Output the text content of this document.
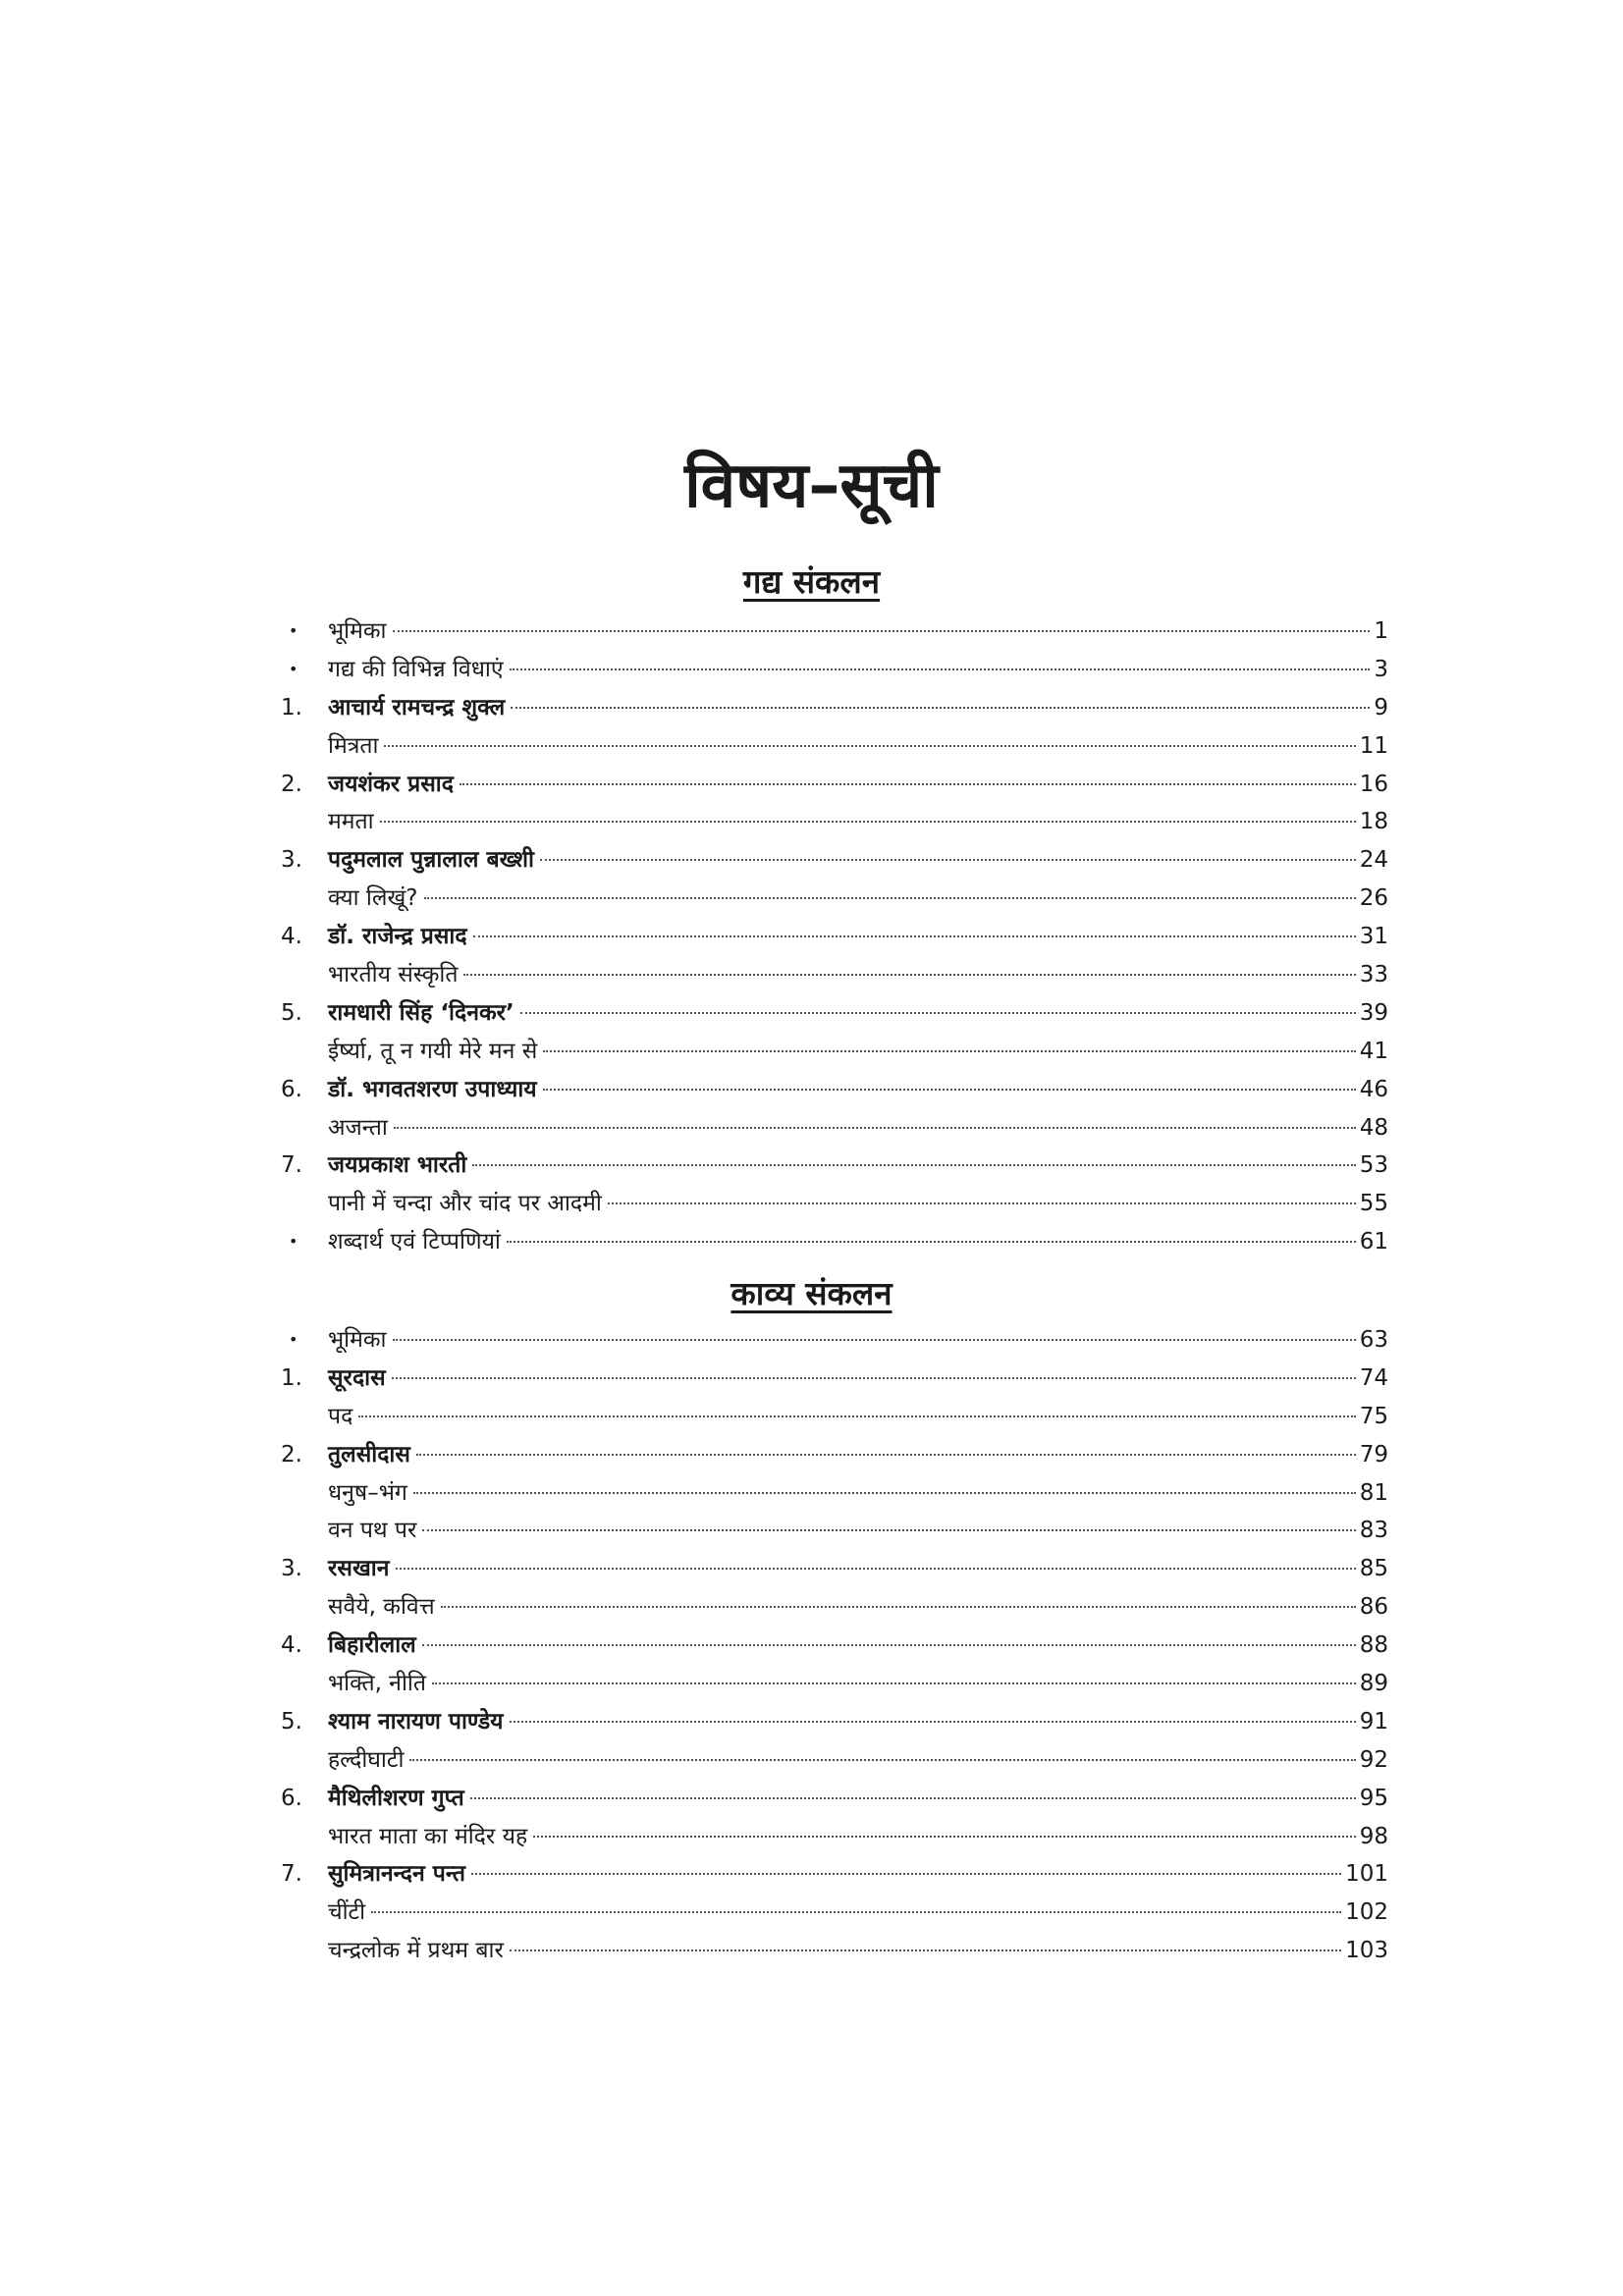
विषय–सूची
गद्य संकलन
•	भूमिका	1
•	गद्य की विभिन्न विधाएं	3
1.	आचार्य रामचन्द्र शुक्ल	9
मित्रता	11
2.	जयशंकर प्रसाद	16
ममता	18
3.	पदुमलाल पुन्नालाल बख्शी	24
क्या लिखूं?	26
4.	डॉ. राजेन्द्र प्रसाद	31
भारतीय संस्कृति	33
5.	रामधारी सिंह ‘दिनकर’	39
ईर्ष्या, तू न गयी मेरे मन से	41
6.	डॉ. भगवतशरण उपाध्याय	46
अजन्ता	48
7.	जयप्रकाश भारती	53
पानी में चन्दा और चांद पर आदमी	55
•	शब्दार्थ एवं टिप्पणियां	61
काव्य संकलन
•	भूमिका	63
1.	सूरदास	74
पद	75
2.	तुलसीदास	79
धनुष–भंग	81
वन पथ पर	83
3.	रसखान	85
सवैये, कवित्त	86
4.	बिहारीलाल	88
भक्ति, नीति	89
5.	श्याम नारायण पाण्डेय	91
हल्दीघाटी	92
6.	मैथिलीशरण गुप्त	95
भारत माता का मंदिर यह	98
7.	सुमित्रानन्दन पन्त	101
चींटी	102
चन्द्रलोक में प्रथम बार	103
